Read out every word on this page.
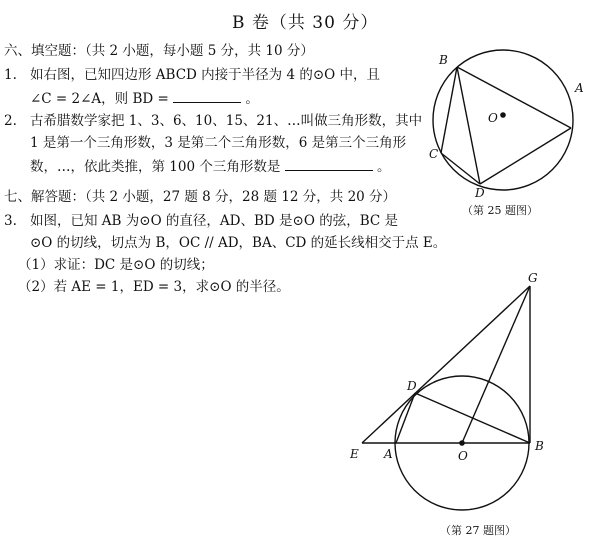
B 卷（共 30 分）
六、填空题：（共 2 小题，每小题 5 分，共 10 分）
1. 如右图，已知四边形 ABCD 内接于半径为 4 的⊙O 中，且
∠C = 2∠A，则 BD =	。
2. 古希腊数学家把 1、3、6、10、15、21、…叫做三角形数，其中
1 是第一个三角形数，3 是第二个三角形数，6 是第三个三角形
数，…，依此类推，第 100 个三角形数是	。
B
A
O
C
D
（第 25 题图）
七、解答题：（共 2 小题，27 题 8 分，28 题 12 分，共 20 分）
3. 如图，已知 AB 为⊙O 的直径，AD、BD 是⊙O 的弦，BC 是
⊙O 的切线，切点为 B，OC // AD，BA、CD 的延长线相交于点 E。
（1）求证：DC 是⊙O 的切线；
（2）若 AE = 1，ED = 3，求⊙O 的半径。
G
D
E A	O
B
（第 27 题图）
